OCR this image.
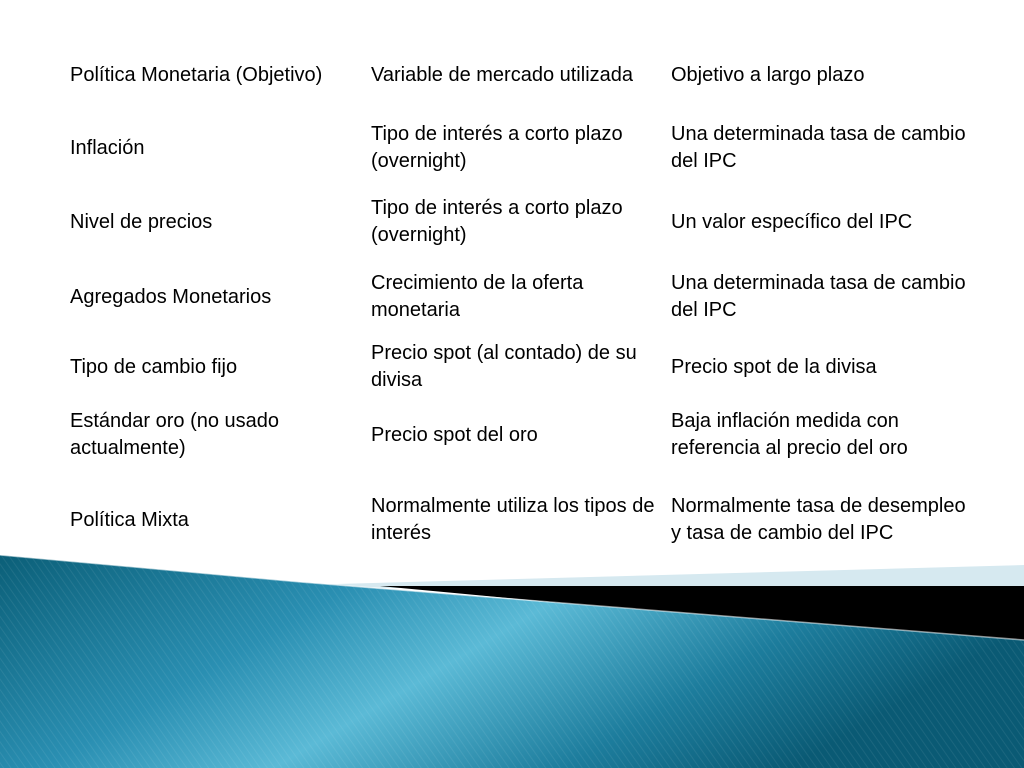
Política Monetaria (Objetivo) Variable de mercado utilizada Objetivo a largo plazo
Inflación
Tipo de interés a corto plazo (overnight)
Una determinada tasa de cambio del IPC
Nivel de precios
Tipo de interés a corto plazo (overnight)
Un valor específico del IPC
Agregados Monetarios
Crecimiento de la oferta monetaria
Una determinada tasa de cambio del IPC
Tipo de cambio fijo
Precio spot (al contado) de su divisa
Precio spot de la divisa
Estándar oro (no usado actualmente)
Precio spot del oro
Baja inflación medida con referencia al precio del oro
Política Mixta
Normalmente utiliza los tipos de interés
Normalmente tasa de desempleo y tasa de cambio del IPC
